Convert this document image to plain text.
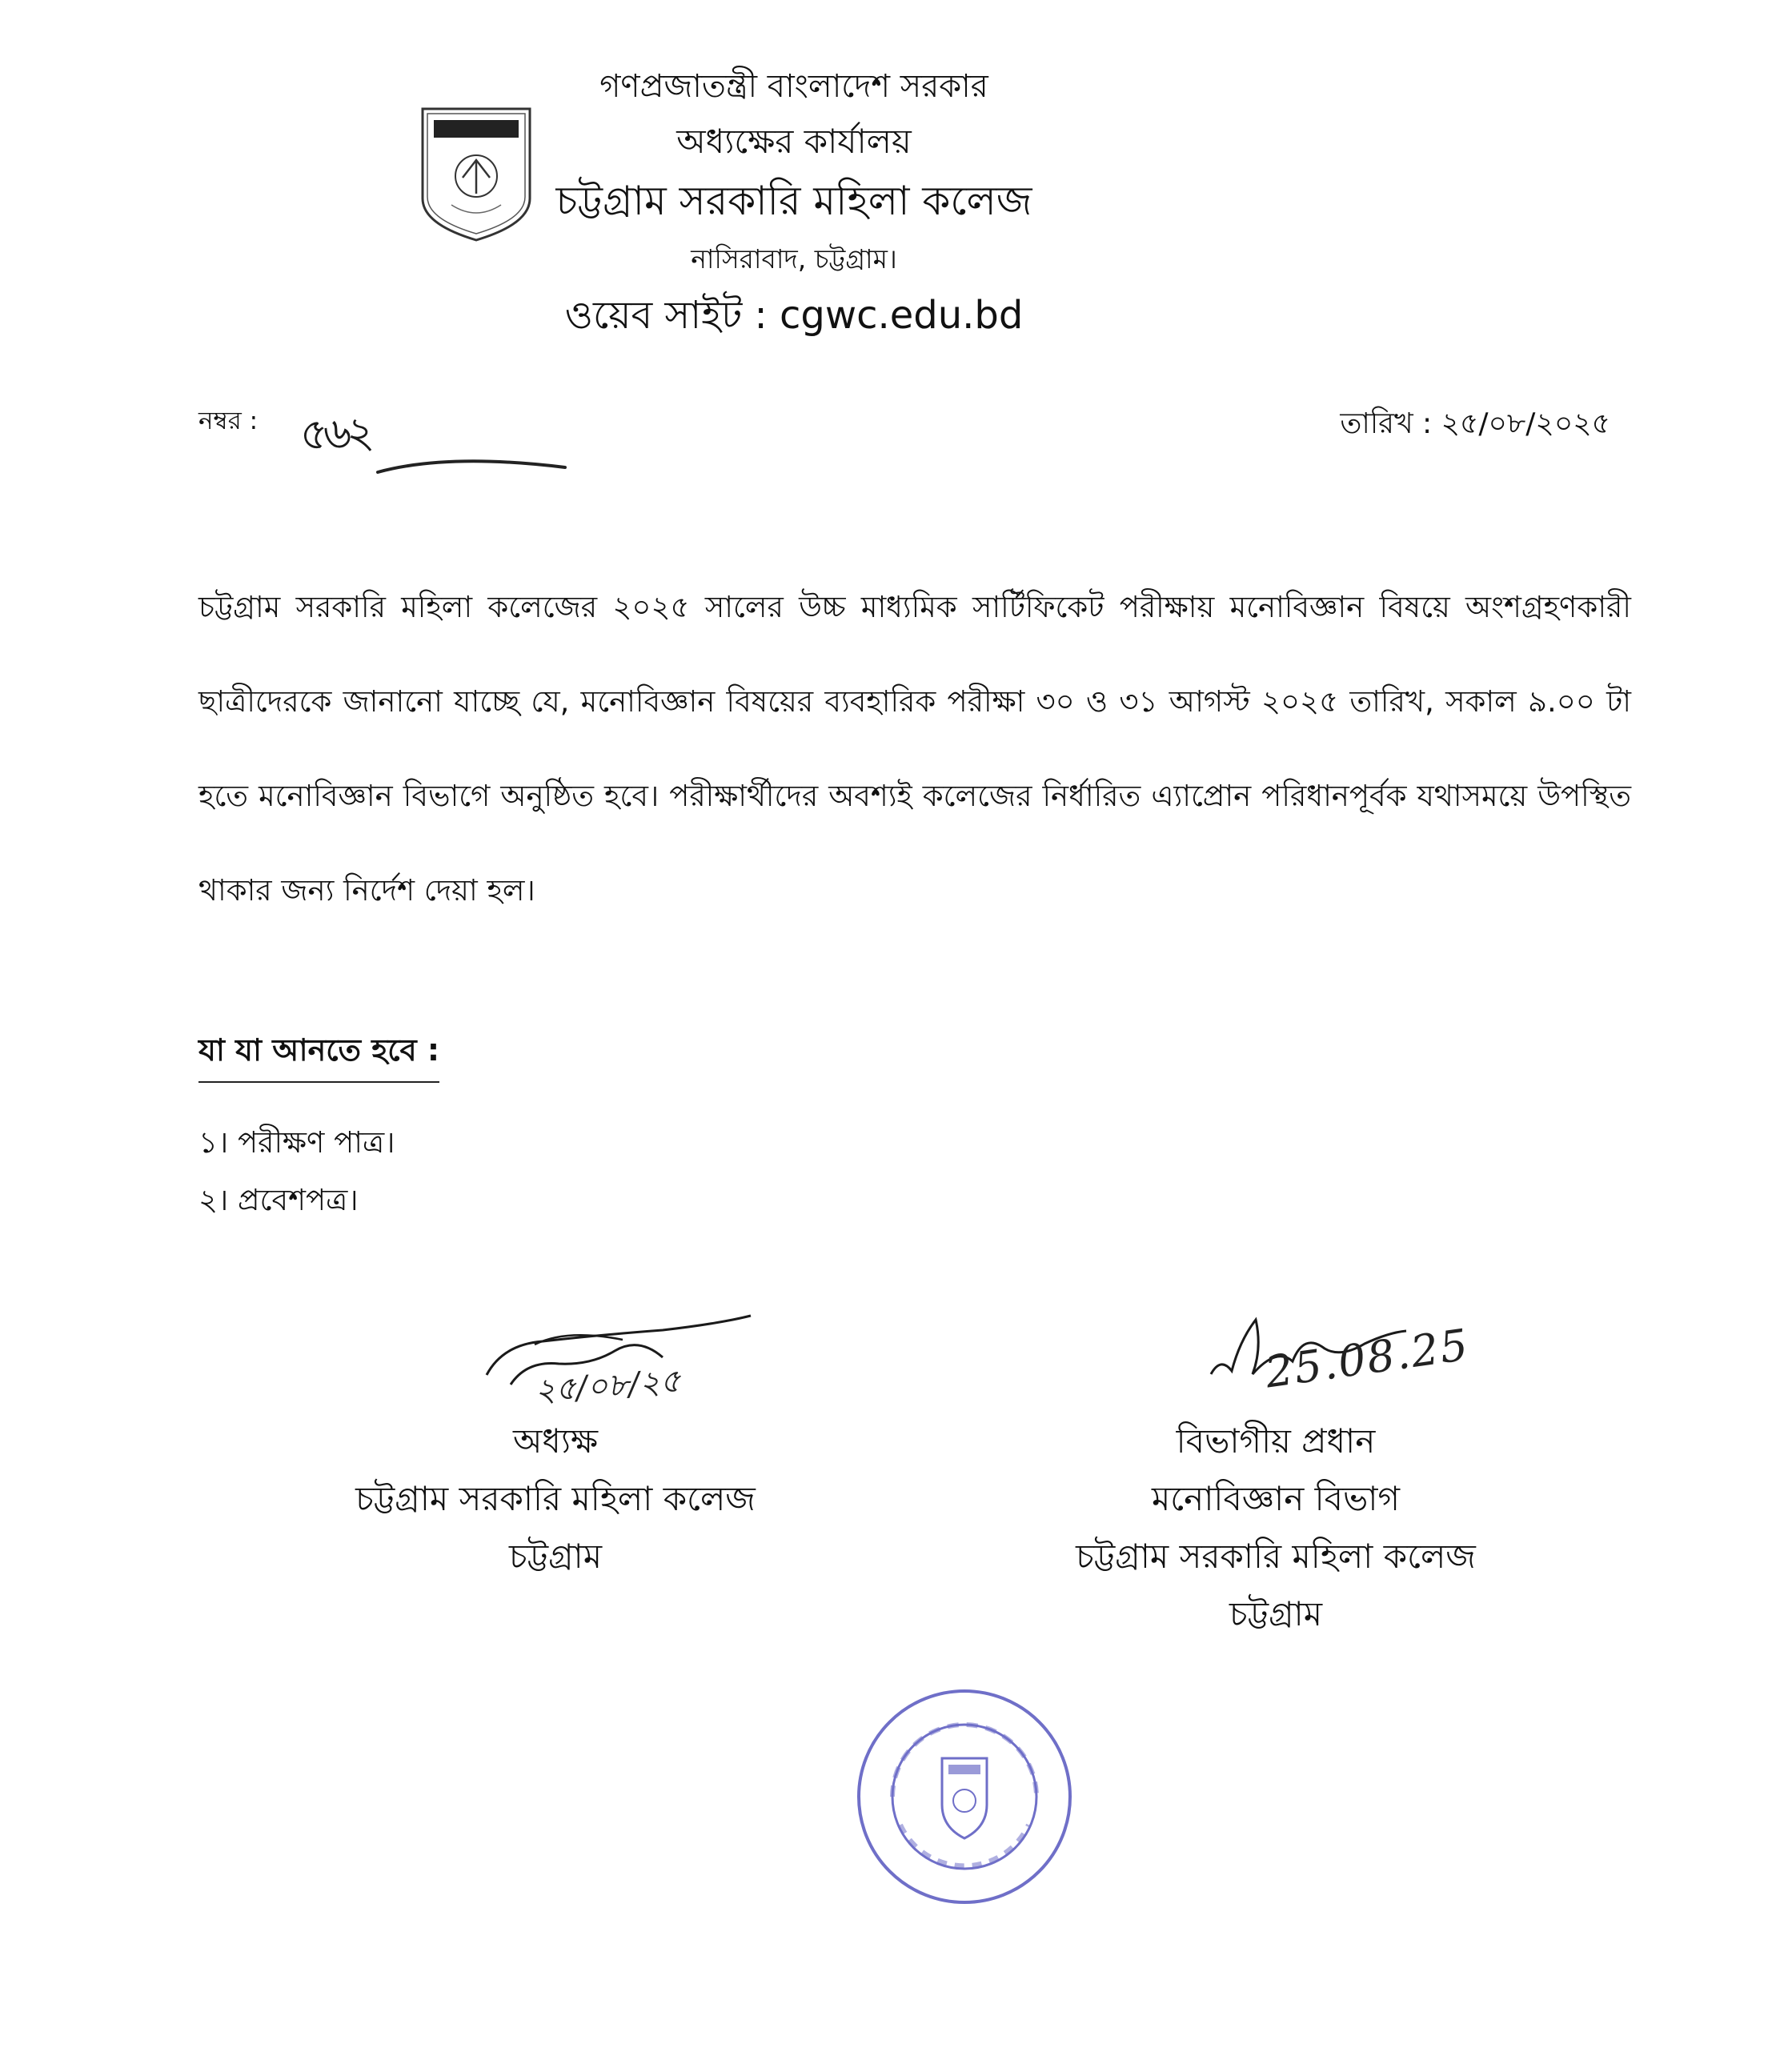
গণপ্রজাতন্ত্রী বাংলাদেশ সরকার
অধ্যক্ষের কার্যালয়
চট্টগ্রাম সরকারি মহিলা কলেজ
নাসিরাবাদ, চট্টগ্রাম।
ওয়েব সাইট : cgwc.edu.bd
নম্বর : ৫৬২	তারিখ : ২৫/০৮/২০২৫
চট্টগ্রাম সরকারি মহিলা কলেজের ২০২৫ সালের উচ্চ মাধ্যমিক সার্টিফিকেট পরীক্ষায় মনোবিজ্ঞান বিষয়ে অংশগ্রহণকারী ছাত্রীদেরকে জানানো যাচ্ছে যে, মনোবিজ্ঞান বিষয়ের ব্যবহারিক পরীক্ষা ৩০ ও ৩১ আগস্ট ২০২৫ তারিখ, সকাল ৯.০০ টা হতে মনোবিজ্ঞান বিভাগে অনুষ্ঠিত হবে। পরীক্ষার্থীদের অবশ্যই কলেজের নির্ধারিত এ্যাপ্রোন পরিধানপূর্বক যথাসময়ে উপস্থিত থাকার জন্য নির্দেশ দেয়া হল।
যা যা আনতে হবে :
১। পরীক্ষণ পাত্র।
২। প্রবেশপত্র।
২৫/০৮/২৫
অধ্যক্ষ
চট্টগ্রাম সরকারি মহিলা কলেজ
চট্টগ্রাম
25.08.25
বিভাগীয় প্রধান
মনোবিজ্ঞান বিভাগ
চট্টগ্রাম সরকারি মহিলা কলেজ
চট্টগ্রাম
